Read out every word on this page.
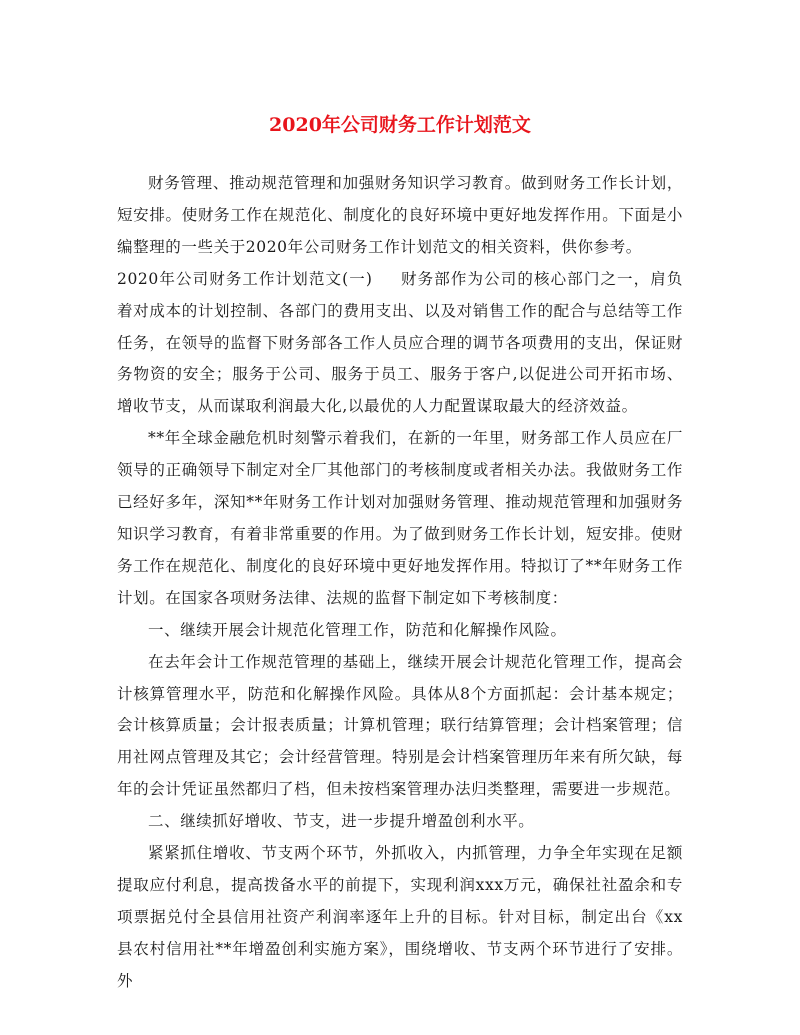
2020年公司财务工作计划范文

财务管理、推动规范管理和加强财务知识学习教育。做到财务工作长计划，短安排。使财务工作在规范化、制度化的良好环境中更好地发挥作用。下面是小编整理的一些关于2020年公司财务工作计划范文的相关资料，供你参考。

2020年公司财务工作计划范文(一) 财务部作为公司的核心部门之一，肩负着对成本的计划控制、各部门的费用支出、以及对销售工作的配合与总结等工作任务，在领导的监督下财务部各工作人员应合理的调节各项费用的支出，保证财务物资的安全；服务于公司、服务于员工、服务于客户,以促进公司开拓市场、增收节支，从而谋取利润最大化,以最优的人力配置谋取最大的经济效益。

**年全球金融危机时刻警示着我们，在新的一年里，财务部工作人员应在厂领导的正确领导下制定对全厂其他部门的考核制度或者相关办法。我做财务工作已经好多年，深知**年财务工作计划对加强财务管理、推动规范管理和加强财务知识学习教育，有着非常重要的作用。为了做到财务工作长计划，短安排。使财务工作在规范化、制度化的良好环境中更好地发挥作用。特拟订了**年财务工作计划。在国家各项财务法律、法规的监督下制定如下考核制度：

一、继续开展会计规范化管理工作，防范和化解操作风险。

在去年会计工作规范管理的基础上，继续开展会计规范化管理工作，提高会计核算管理水平，防范和化解操作风险。具体从8个方面抓起：会计基本规定；会计核算质量；会计报表质量；计算机管理；联行结算管理；会计档案管理；信用社网点管理及其它；会计经营管理。特别是会计档案管理历年来有所欠缺，每年的会计凭证虽然都归了档，但未按档案管理办法归类整理，需要进一步规范。

二、继续抓好增收、节支，进一步提升增盈创利水平。

紧紧抓住增收、节支两个环节，外抓收入，内抓管理，力争全年实现在足额提取应付利息，提高拨备水平的前提下，实现利润xxx万元，确保社社盈余和专项票据兑付全县信用社资产利润率逐年上升的目标。针对目标，制定出台《xx县农村信用社**年增盈创利实施方案》，围绕增收、节支两个环节进行了安排。外
